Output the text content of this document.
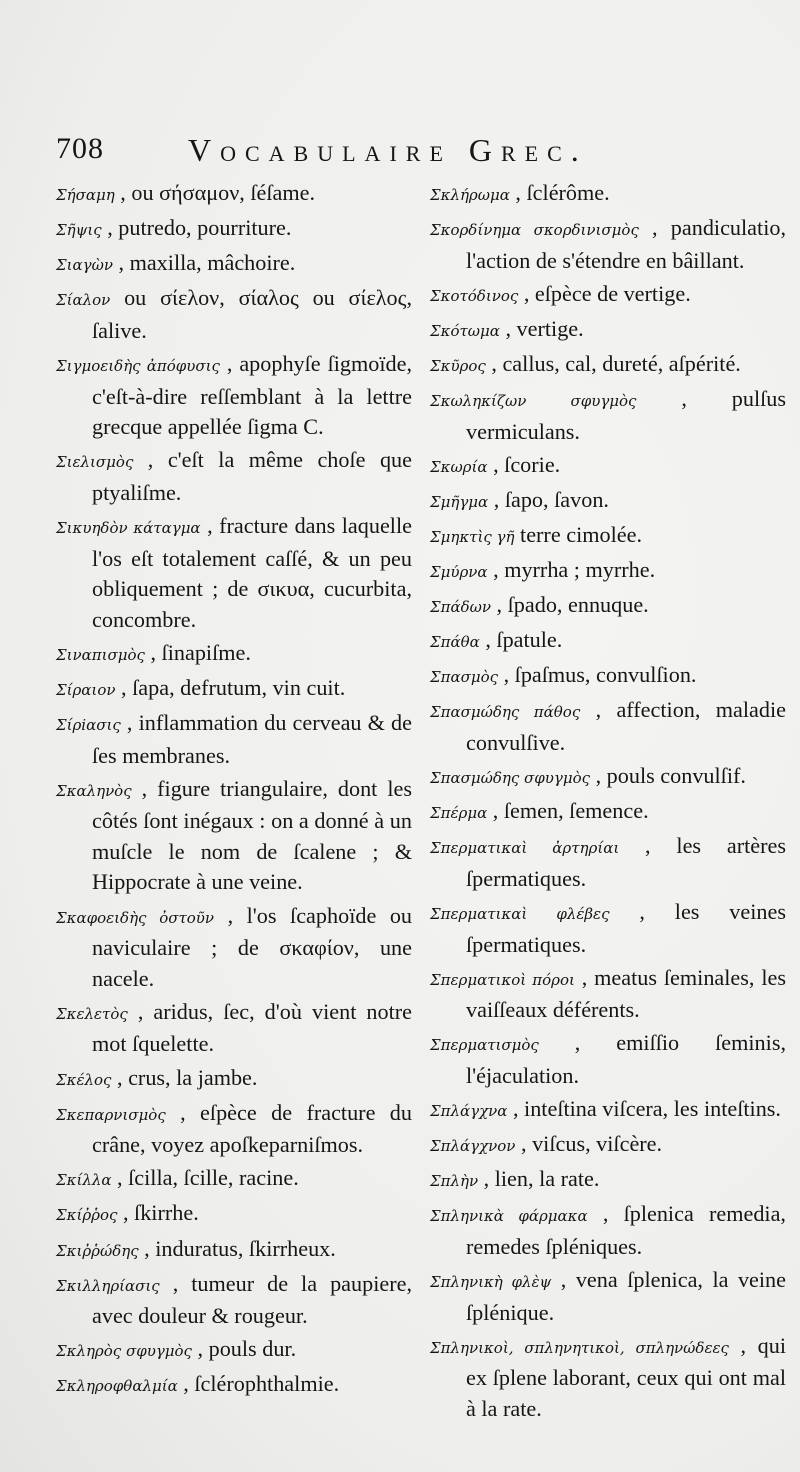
708	Vocabulaire Grec.

Σήσαμη , ou σήσαμον, ſéſame.

Σῆψις , putredo, pourriture.

Σιαγὼν , maxilla, mâchoire.

Σίαλον ou σίελον, σίαλος ou σίελος, ſalive.

Σιγμοειδὴς ἀπόφυσις , apophyſe ſigmoïde, c'eſt-à-dire reſſemblant à la lettre grecque appellée ſigma C.

Σιελισμὸς , c'eſt la même choſe que ptyaliſme.

Σικυηδὸν κάταγμα , fracture dans laquelle l'os eſt totalement caſſé, & un peu obliquement ; de σικυα, cucurbita, concombre.

Σιναπισμὸς , ſinapiſme.

Σίραιον , ſapa, defrutum, vin cuit.

Σίρiασις , inflammation du cerveau & de ſes membranes.

Σκαληνὸς , figure triangulaire, dont les côtés ſont inégaux : on a donné à un muſcle le nom de ſcalene ; & Hippocrate à une veine.

Σκαφοειδὴς ὀστοῦν , l'os ſcaphoïde ou naviculaire ; de σκαφίον, une nacele.

Σκελετὸς , aridus, ſec, d'où vient notre mot ſquelette.

Σκέλος , crus, la jambe.

Σκεπαρνισμὸς , eſpèce de fracture du crâne, voyez apoſkeparniſmos.

Σκίλλα , ſcilla, ſcille, racine.

Σκίῤῥος , ſkirrhe.

Σκιῤῥώδης , induratus, ſkirrheux.

Σκιλληρίασις , tumeur de la paupiere, avec douleur & rougeur.

Σκληρὸς σφυγμὸς , pouls dur.

Σκληροφθαλμία , ſclérophthalmie.

Σκλήρωμα , ſclérôme.

Σκορδίνημα σκορδινισμὸς , pandiculatio, l'action de s'étendre en bâillant.

Σκοτόδινος , eſpèce de vertige.

Σκότωμα , vertige.

Σκῦρος , callus, cal, dureté, aſpérité.

Σκωληκίζων σφυγμὸς , pulſus vermiculans.

Σκωρία , ſcorie.

Σμῆγμα , ſapo, ſavon.

Σμηκτὶς γῆ terre cimolée.

Σμύρνα , myrrha ; myrrhe.

Σπάδων , ſpado, ennuque.

Σπάθα , ſpatule.

Σπασμὸς , ſpaſmus, convulſion.

Σπασμώδης πάθος , affection, maladie convulſive.

Σπασμώδης σφυγμὸς , pouls convulſif.

Σπέρμα , ſemen, ſemence.

Σπερματικαὶ ἀρτηρίαι , les artères ſpermatiques.

Σπερματικαὶ φλέβες , les veines ſpermatiques.

Σπερματικοὶ πόροι , meatus ſeminales, les vaiſſeaux déférents.

Σπερματισμὸς , emiſſio ſeminis, l'éjaculation.

Σπλάγχνα , inteſtina viſcera, les inteſtins.

Σπλάγχνον , viſcus, viſcère.

Σπλὴν , lien, la rate.

Σπληνικὰ φάρμακα , ſplenica remedia, remedes ſpléniques.

Σπληνικὴ φλὲψ , vena ſplenica, la veine ſplénique.

Σπληνικοὶ, σπληνητικοὶ, σπληνώδεες , qui ex ſplene laborant, ceux qui ont mal à la rate.
